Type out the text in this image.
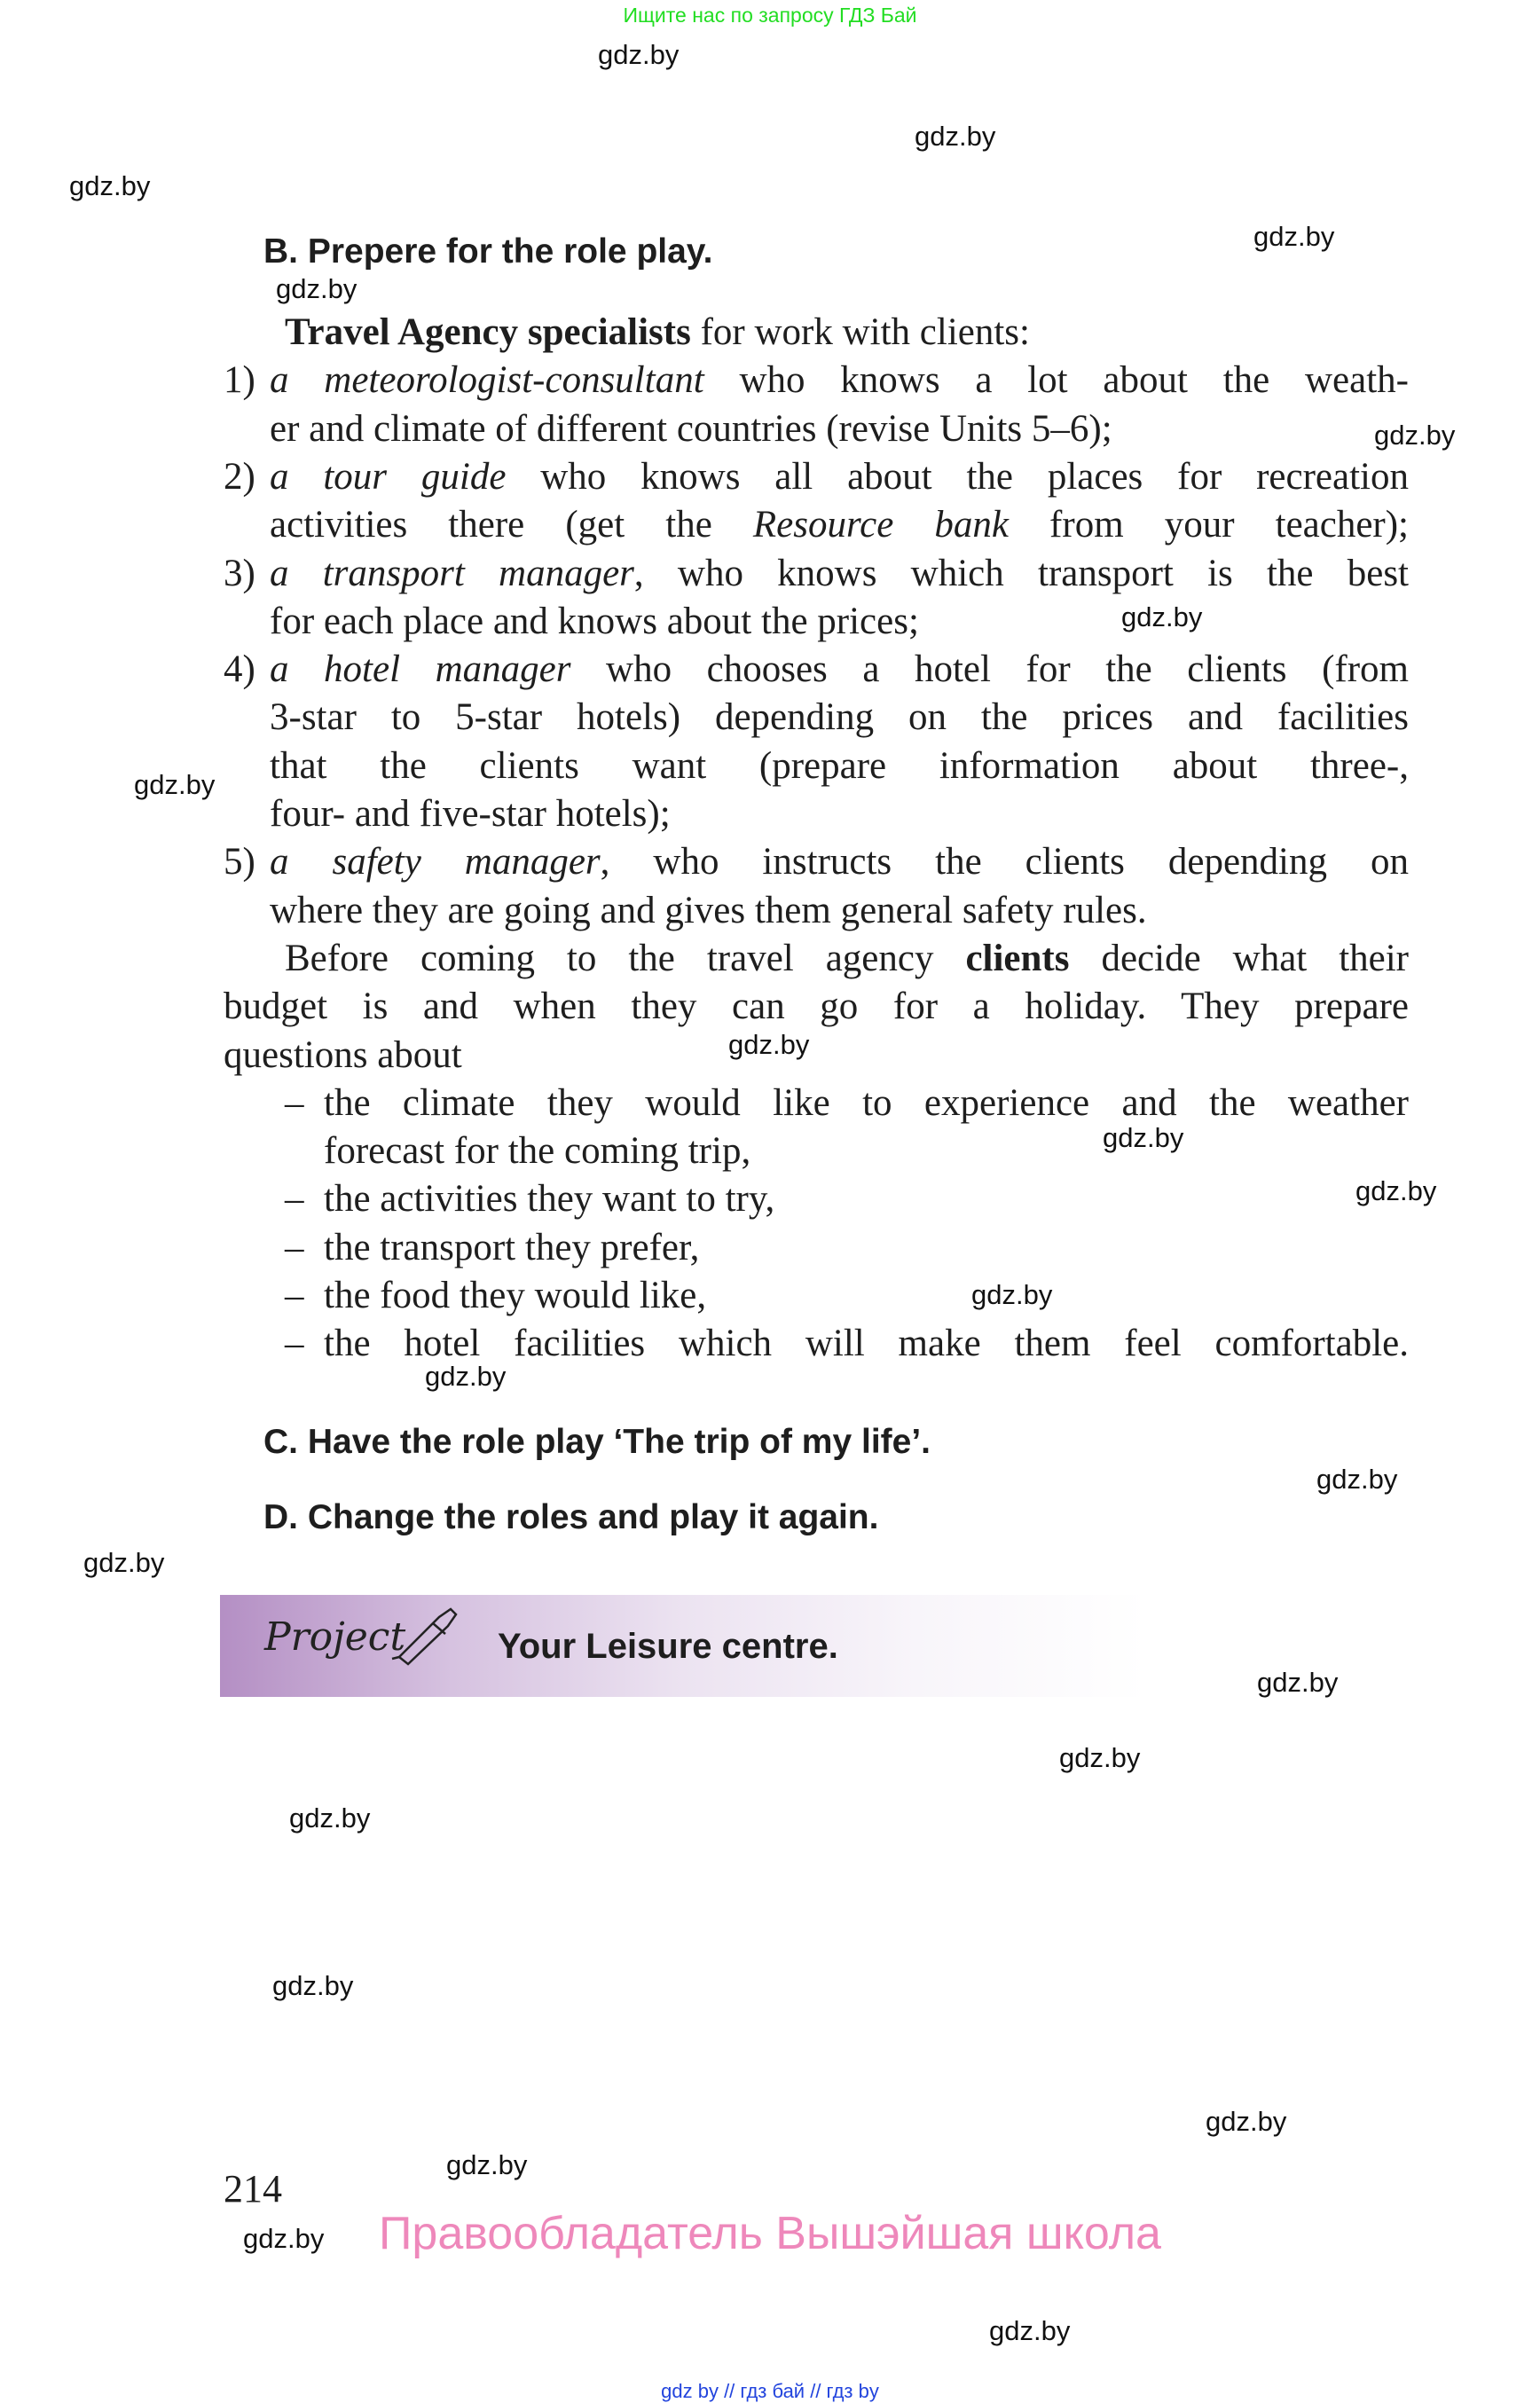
Ищите нас по запросу ГДЗ Бай
gdz.by
gdz.by
gdz.by
gdz.by
gdz.by
gdz.by
gdz.by
gdz.by
gdz.by
gdz.by
gdz.by
gdz.by
gdz.by
gdz.by
gdz.by
gdz.by
gdz.by
gdz.by
gdz.by
gdz.by
gdz.by
gdz.by
gdz.by
B. Prepere for the role play.
Travel Agency specialists for work with clients:
1) a meteorologist-consultant who knows a lot about the weath-
er and climate of different countries (revise Units 5–6);
2) a tour guide who knows all about the places for recreation
activities there (get the Resource bank from your teacher);
3) a transport manager, who knows which transport is the best
for each place and knows about the prices;
4) a hotel manager who chooses a hotel for the clients (from
3-star to 5-star hotels) depending on the prices and facilities
that the clients want (prepare information about three-,
four- and five-star hotels);
5) a safety manager, who instructs the clients depending on
where they are going and gives them general safety rules.
Before coming to the travel agency clients decide what their
budget is and when they can go for a holiday. They prepare
questions about
– the climate they would like to experience and the weather
forecast for the coming trip,
– the activities they want to try,
– the transport they prefer,
– the food they would like,
– the hotel facilities which will make them feel comfortable.
C. Have the role play ‘The trip of my life’.
D. Change the roles and play it again.
Project	Your Leisure centre.
214
Правообладатель Вышэйшая школа
gdz by // гдз бай // гдз by
